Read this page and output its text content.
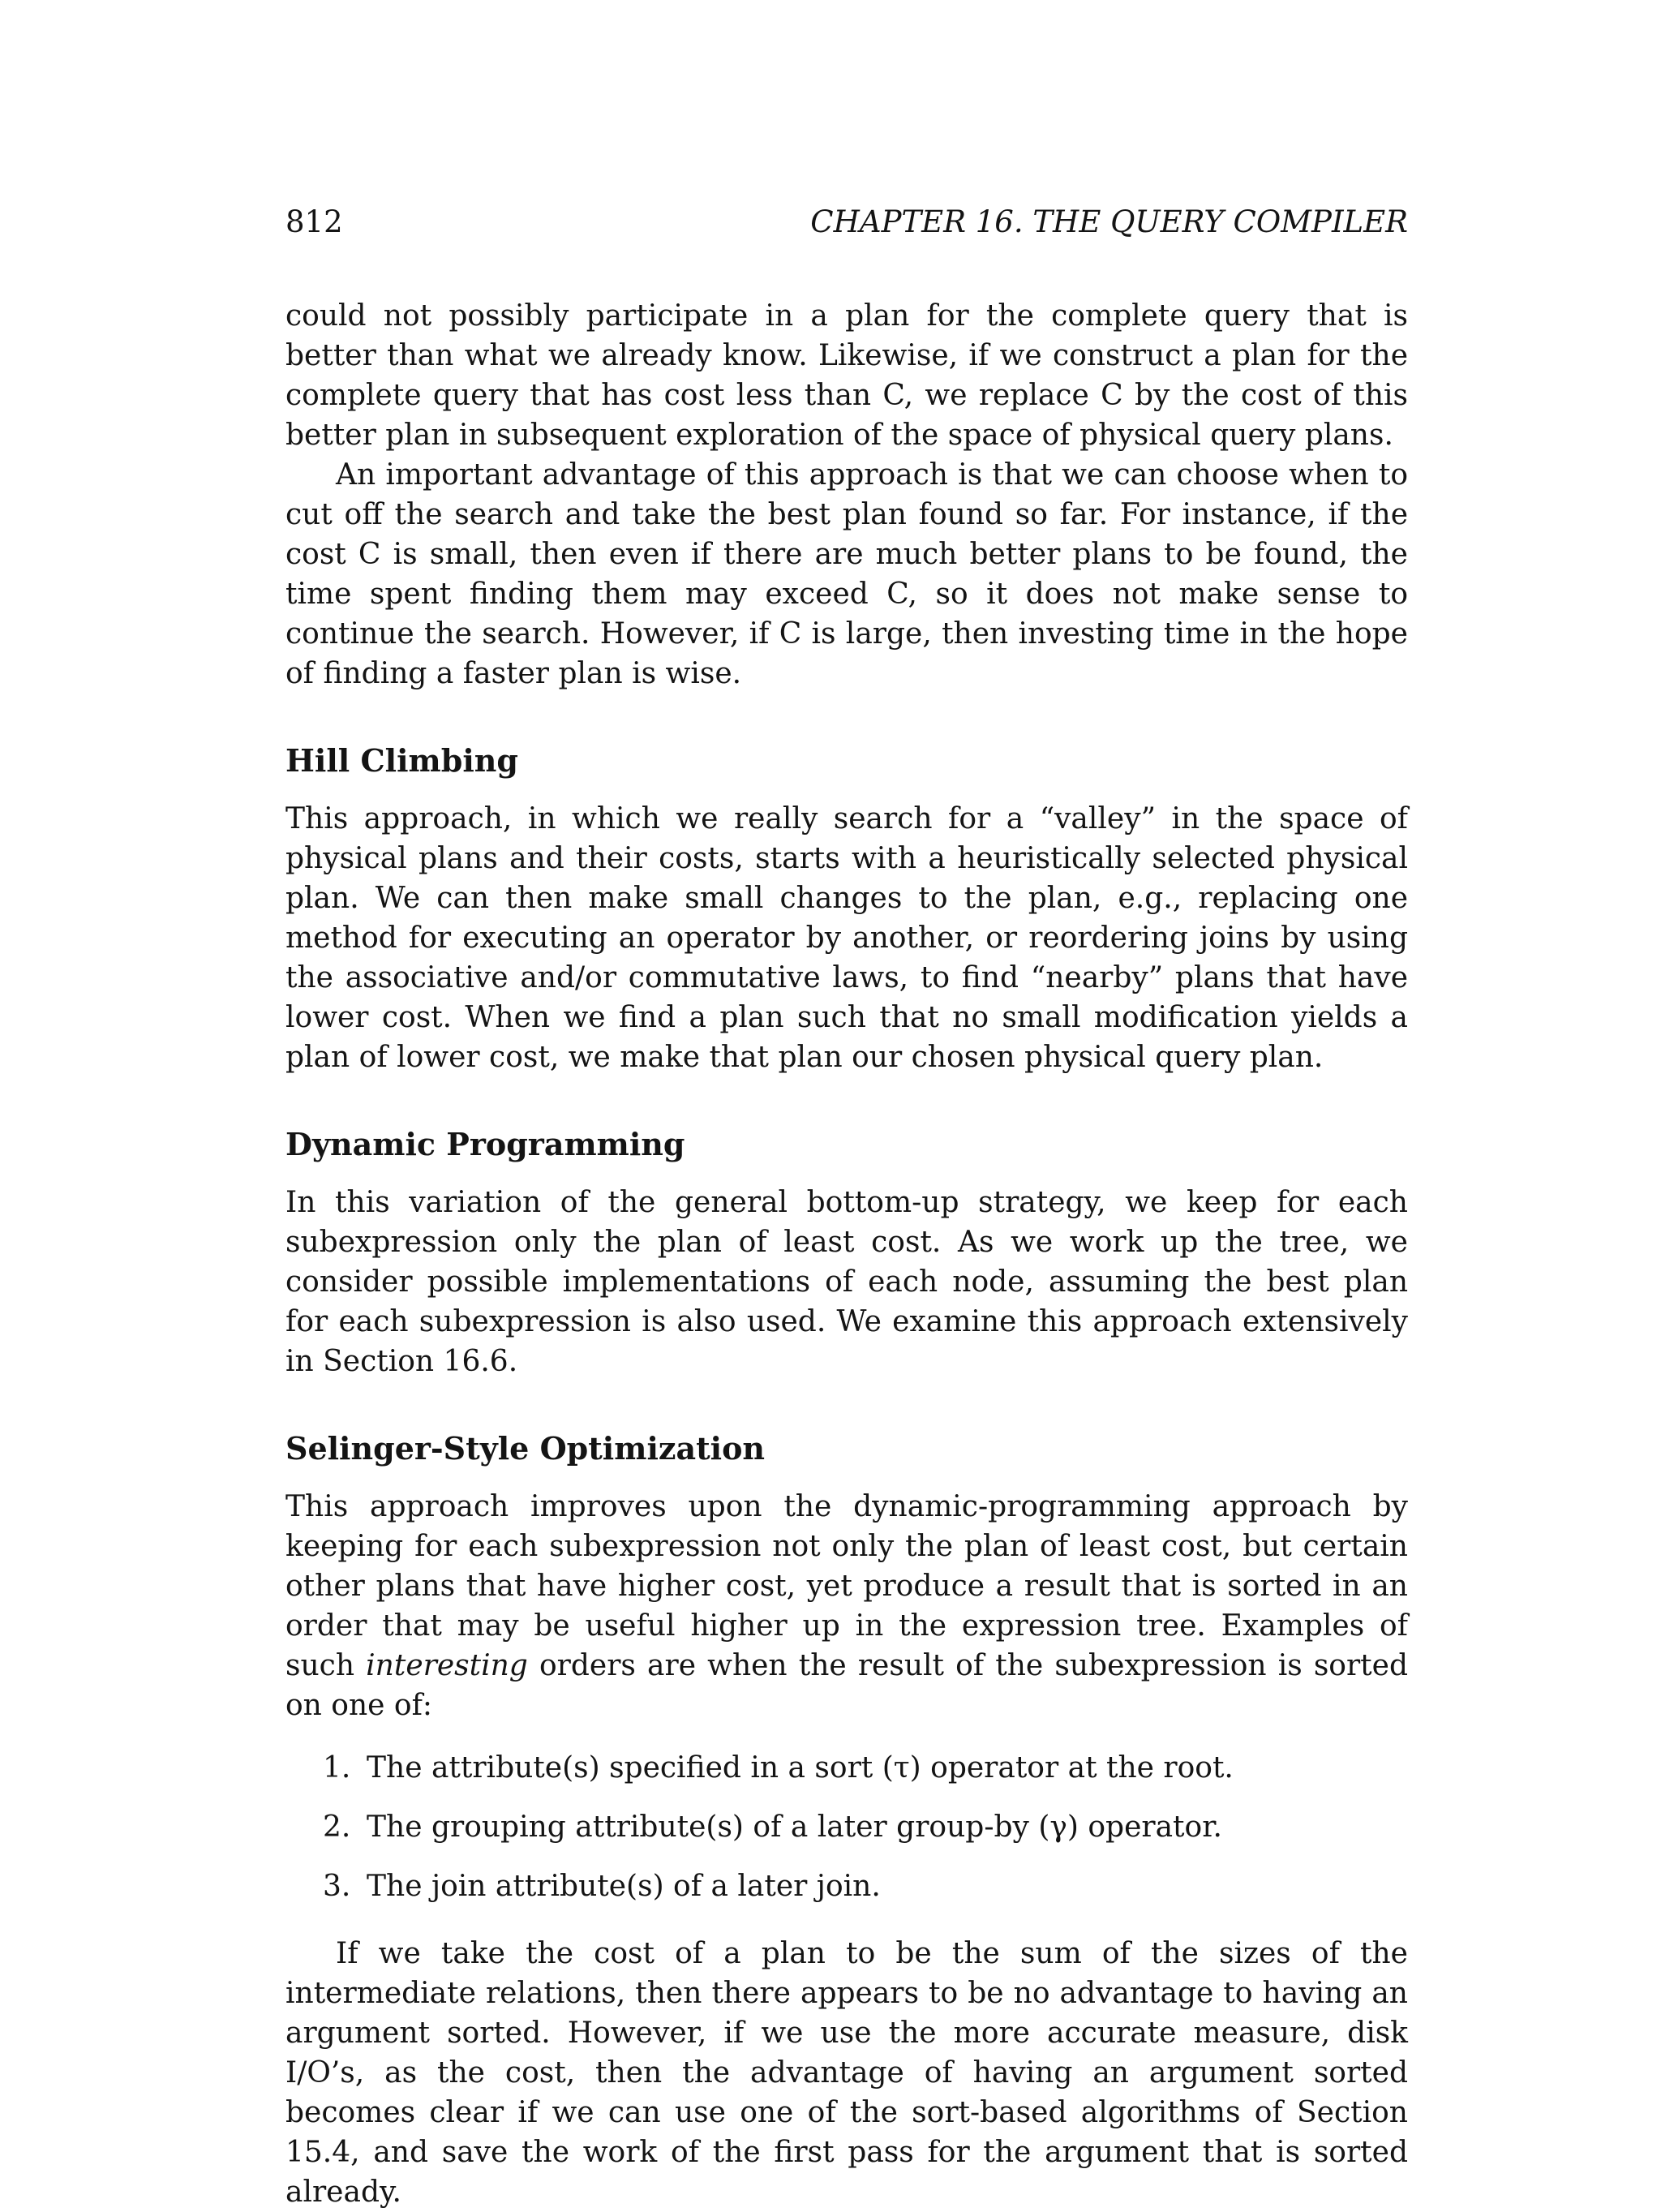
812	CHAPTER 16. THE QUERY COMPILER

could not possibly participate in a plan for the complete query that is better than what we already know. Likewise, if we construct a plan for the complete query that has cost less than C, we replace C by the cost of this better plan in subsequent exploration of the space of physical query plans.

An important advantage of this approach is that we can choose when to cut off the search and take the best plan found so far. For instance, if the cost C is small, then even if there are much better plans to be found, the time spent finding them may exceed C, so it does not make sense to continue the search. However, if C is large, then investing time in the hope of finding a faster plan is wise.

Hill Climbing

This approach, in which we really search for a “valley” in the space of physical plans and their costs, starts with a heuristically selected physical plan. We can then make small changes to the plan, e.g., replacing one method for executing an operator by another, or reordering joins by using the associative and/or commutative laws, to find “nearby” plans that have lower cost. When we find a plan such that no small modification yields a plan of lower cost, we make that plan our chosen physical query plan.

Dynamic Programming

In this variation of the general bottom-up strategy, we keep for each subexpression only the plan of least cost. As we work up the tree, we consider possible implementations of each node, assuming the best plan for each subexpression is also used. We examine this approach extensively in Section 16.6.

Selinger-Style Optimization

This approach improves upon the dynamic-programming approach by keeping for each subexpression not only the plan of least cost, but certain other plans that have higher cost, yet produce a result that is sorted in an order that may be useful higher up in the expression tree. Examples of such interesting orders are when the result of the subexpression is sorted on one of:

1. The attribute(s) specified in a sort (τ) operator at the root.
2. The grouping attribute(s) of a later group-by (γ) operator.
3. The join attribute(s) of a later join.

If we take the cost of a plan to be the sum of the sizes of the intermediate relations, then there appears to be no advantage to having an argument sorted. However, if we use the more accurate measure, disk I/O’s, as the cost, then the advantage of having an argument sorted becomes clear if we can use one of the sort-based algorithms of Section 15.4, and save the work of the first pass for the argument that is sorted already.
